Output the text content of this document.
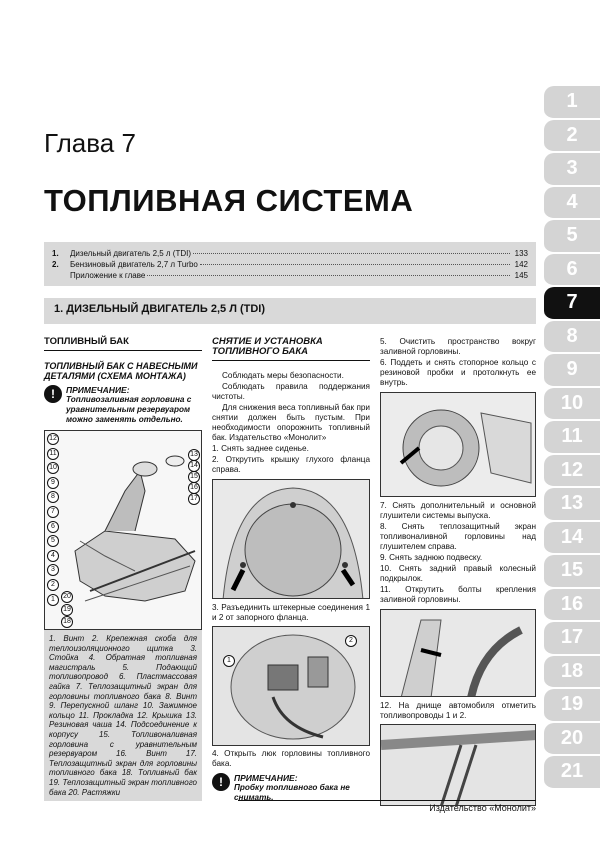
1
2
3
4
5
6
7
8
9
10
11
12
13
14
15
16
17
18
19
20
21
Глава 7
ТОПЛИВНАЯ СИСТЕМА
1.	Дизельный двигатель 2,5 л (TDI)	133
2.	Бензиновый двигатель 2,7 л Turbo	142
Приложение к главе	145
1. ДИЗЕЛЬНЫЙ ДВИГАТЕЛЬ 2,5 Л (TDI)
ТОПЛИВНЫЙ БАК
ТОПЛИВНЫЙ БАК С НАВЕСНЫМИ ДЕТАЛЯМИ (СХЕМА МОНТАЖА)
!	ПРИМЕЧАНИЕ:
Топливозаливная горловина с уравнительным резервуаром можно заменять отдельно.
12
11
10
9
8
7
6
5
4
3
2
1
13
14
15
16
17
20
19
18
1. Винт 2. Крепежная скоба для теплоизоляционного щитка 3. Стойка 4. Обратная топливная магистраль 5. Подающий топливопровод 6. Пластмассовая гайка 7. Теплозащитный экран для горловины топливного бака 8. Винт 9. Перепускной шланг 10. Зажимное кольцо 11. Прокладка 12. Крышка 13. Резиновая чаша 14. Подсоединение к корпусу 15. Топливоналивная горловина с уравнительным резервуаром 16. Винт 17. Теплозащитный экран для горловины топливного бака 18. Топливный бак 19. Теплозащитный экран топливного бака 20. Растяжки
СНЯТИЕ И УСТАНОВКА ТОПЛИВНОГО БАКА
Соблюдать меры безопасности.
Соблюдать правила поддержания чистоты.
Для снижения веса топливный бак при снятии должен быть пустым. При необходимости опорожнить топливный бак. Издательство «Монолит»
1. Снять заднее сиденье.
2. Открутить крышку глухого фланца справа.
3. Разъединить штекерные соединения 1 и 2 от запорного фланца.
1
2
4. Открыть люк горловины топливного бака.
!	ПРИМЕЧАНИЕ:
Пробку топливного бака не снимать.
5. Очистить пространство вокруг заливной горловины.
6. Поддеть и снять стопорное кольцо с резиновой пробки и протолкнуть ее внутрь.
7. Снять дополнительный и основной глушители системы выпуска.
8. Снять теплозащитный экран топливоналивной горловины над глушителем справа.
9. Снять заднюю подвеску.
10. Снять задний правый колесный подкрылок.
11. Открутить болты крепления заливной горловины.
12. На днище автомобиля отметить топливопроводы 1 и 2.
Издательство «Монолит»
